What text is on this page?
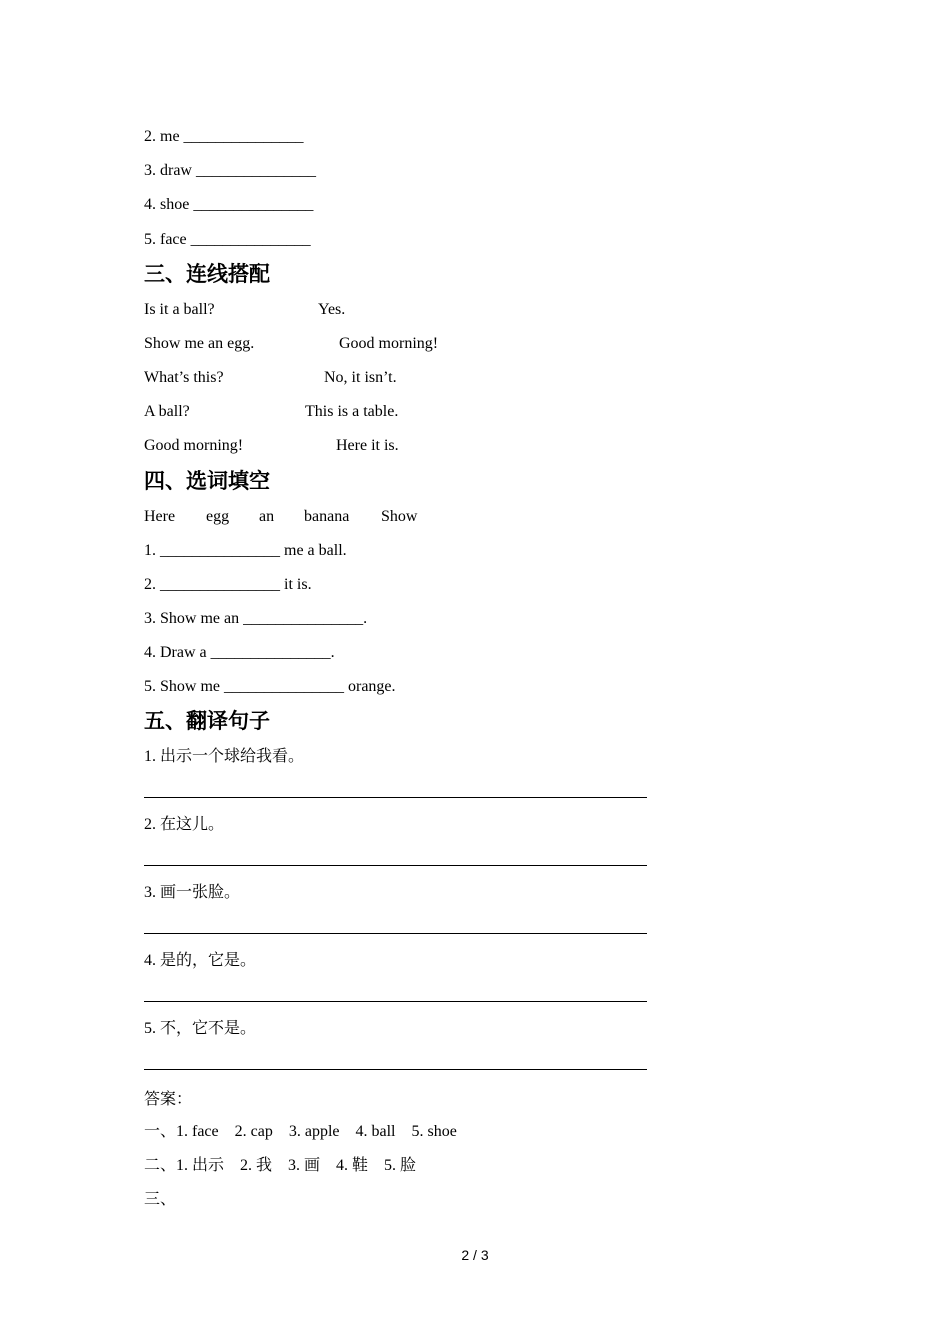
2. me _______________
3. draw _______________
4. shoe _______________
5. face _______________
三、连线搭配
Is it a ball?	Yes.
Show me an egg.	Good morning!
What’s this?	No, it isn’t.
A ball?	This is a table.
Good morning!	Here it is.
四、选词填空
Here egg an banana Show
1. _______________ me a ball.
2. _______________ it is.
3. Show me an _______________.
4. Draw a _______________.
5. Show me _______________ orange.
五、翻译句子
1. 出示一个球给我看。
2. 在这儿。
3. 画一张脸。
4. 是的，它是。
5. 不，它不是。
答案：
一、1. face    2. cap    3. apple    4. ball    5. shoe
二、1. 出示    2. 我    3. 画    4. 鞋    5. 脸
三、
2 / 3
